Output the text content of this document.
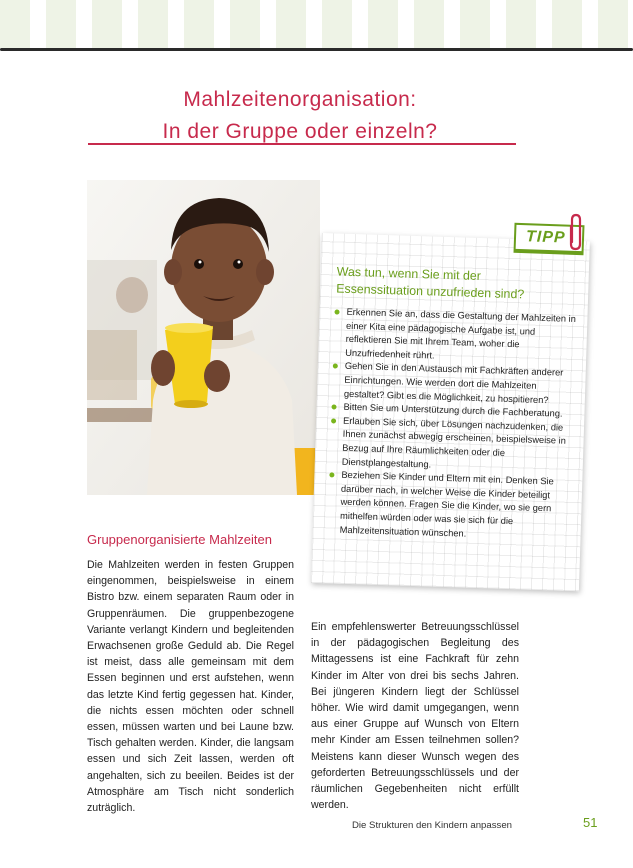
Mahlzeitenorganisation:
In der Gruppe oder einzeln?
Gruppenorganisierte Mahlzeiten
Die Mahlzeiten werden in festen Gruppen eingenommen, beispielsweise in einem Bistro bzw. einem separaten Raum oder in Gruppenräumen. Die gruppenbezogene Variante verlangt Kindern und begleitenden Erwachsenen große Geduld ab. Die Regel ist meist, dass alle gemeinsam mit dem Essen beginnen und erst aufstehen, wenn das letzte Kind fertig gegessen hat. Kinder, die nichts essen möchten oder schnell essen, müssen warten und bei Laune bzw. Tisch gehalten werden. Kinder, die langsam essen und sich Zeit lassen, werden oft angehalten, sich zu beeilen. Beides ist der Atmosphäre am Tisch nicht sonderlich zuträglich.
Ein empfehlenswerter Betreuungsschlüssel in der pädagogischen Begleitung des Mittagessens ist eine Fachkraft für zehn Kinder im Alter von drei bis sechs Jahren. Bei jüngeren Kindern liegt der Schlüssel höher. Wie wird damit umgegangen, wenn aus einer Gruppe auf Wunsch von Eltern mehr Kinder am Essen teilnehmen sollen? Meistens kann dieser Wunsch wegen des geforderten Betreuungsschlüssels und der räumlichen Gegebenheiten nicht erfüllt werden.
Was tun, wenn Sie mit der
Essenssituation unzufrieden sind?
Erkennen Sie an, dass die Gestaltung der Mahlzeiten in einer Kita eine pädagogische Aufgabe ist, und reflektieren Sie mit Ihrem Team, woher die Unzufriedenheit rührt.
Gehen Sie in den Austausch mit Fachkräften anderer Einrichtungen. Wie werden dort die Mahlzeiten gestaltet? Gibt es die Möglichkeit, zu hospitieren?
Bitten Sie um Unterstützung durch die Fachberatung.
Erlauben Sie sich, über Lösungen nachzudenken, die Ihnen zunächst abwegig erscheinen, beispielsweise in Bezug auf Ihre Räumlichkeiten oder die Dienstplangestaltung.
Beziehen Sie Kinder und Eltern mit ein. Denken Sie darüber nach, in welcher Weise die Kinder beteiligt werden können. Fragen Sie die Kinder, wo sie gern mithelfen würden oder was sie sich für die Mahlzeitensituation wünschen.
TIPP
Die Strukturen den Kindern anpassen	51
